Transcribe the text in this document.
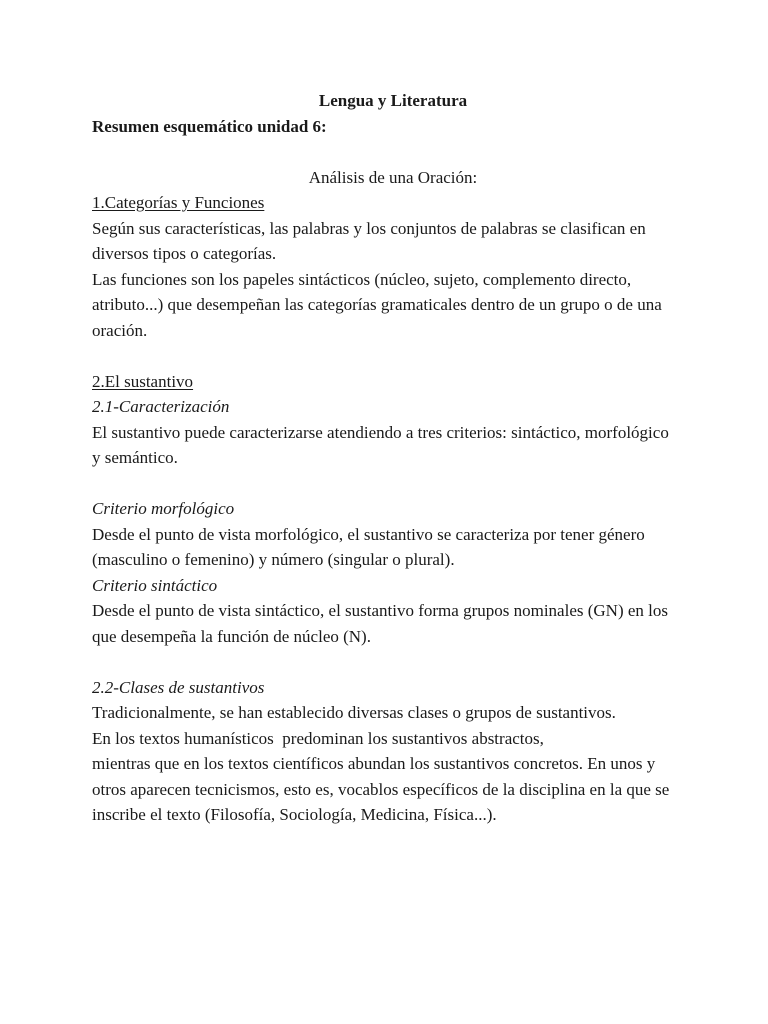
Lengua y Literatura
Resumen esquemático unidad 6:
Análisis de una Oración:
1.Categorías y Funciones
Según sus características, las palabras y los conjuntos de palabras se clasifican en
diversos tipos o categorías.
Las funciones son los papeles sintácticos (núcleo, sujeto, complemento directo,
atributo...) que desempeñan las categorías gramaticales dentro de un grupo o de una
oración.
2.El sustantivo
2.1-Caracterización
El sustantivo puede caracterizarse atendiendo a tres criterios: sintáctico, morfológico
y semántico.
Criterio morfológico
Desde el punto de vista morfológico, el sustantivo se caracteriza por tener género
(masculino o femenino) y número (singular o plural).
Criterio sintáctico
Desde el punto de vista sintáctico, el sustantivo forma grupos nominales (GN) en los
que desempeña la función de núcleo (N).
2.2-Clases de sustantivos
Tradicionalmente, se han establecido diversas clases o grupos de sustantivos.
En los textos humanísticos  predominan los sustantivos abstractos,
mientras que en los textos científicos abundan los sustantivos concretos. En unos y
otros aparecen tecnicismos, esto es, vocablos específicos de la disciplina en la que se
inscribe el texto (Filosofía, Sociología, Medicina, Física...).
